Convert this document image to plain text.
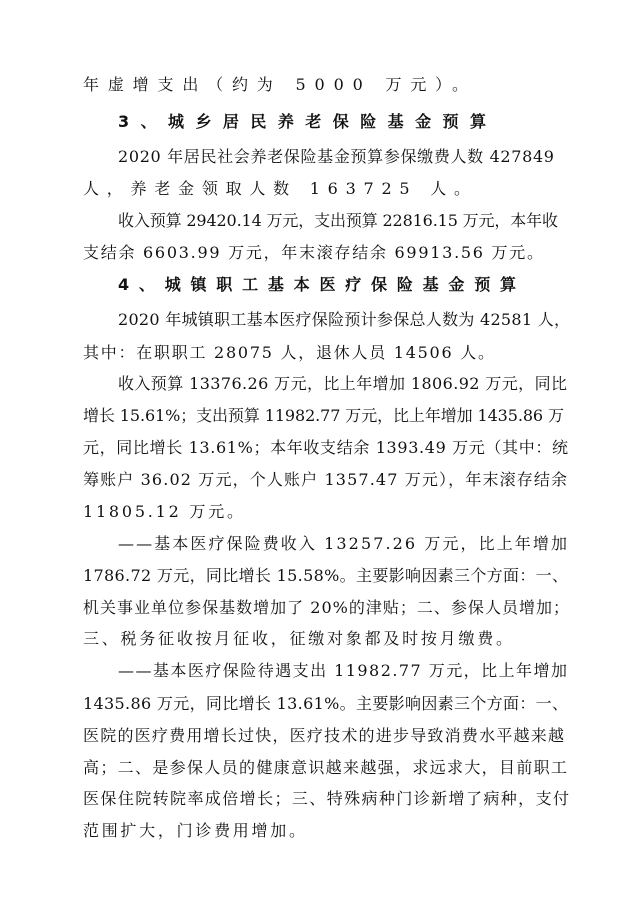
年虚增支出（约为 5000 万元）。
3、城乡居民养老保险基金预算
2020 年居民社会养老保险基金预算参保缴费人数 427849
人，养老金领取人数 163725 人。
收入预算 29420.14 万元，支出预算 22816.15 万元，本年收
支结余 6603.99 万元，年末滚存结余 69913.56 万元。
4、城镇职工基本医疗保险基金预算
2020 年城镇职工基本医疗保险预计参保总人数为 42581 人，
其中：在职职工 28075 人，退休人员 14506 人。
收入预算 13376.26 万元，比上年增加 1806.92 万元，同比
增长 15.61%；支出预算 11982.77 万元，比上年增加 1435.86 万
元，同比增长 13.61%；本年收支结余 1393.49 万元（其中：统
筹账户 36.02 万元，个人账户 1357.47 万元），年末滚存结余
11805.12 万元。
——基本医疗保险费收入 13257.26 万元，比上年增加
1786.72 万元，同比增长 15.58%。主要影响因素三个方面：一、
机关事业单位参保基数增加了 20%的津贴；二、参保人员增加；
三、税务征收按月征收，征缴对象都及时按月缴费。
——基本医疗保险待遇支出 11982.77 万元，比上年增加
1435.86 万元，同比增长 13.61%。主要影响因素三个方面：一、
医院的医疗费用增长过快，医疗技术的进步导致消费水平越来越
高；二、是参保人员的健康意识越来越强，求远求大，目前职工
医保住院转院率成倍增长；三、特殊病种门诊新增了病种，支付
范围扩大，门诊费用增加。
